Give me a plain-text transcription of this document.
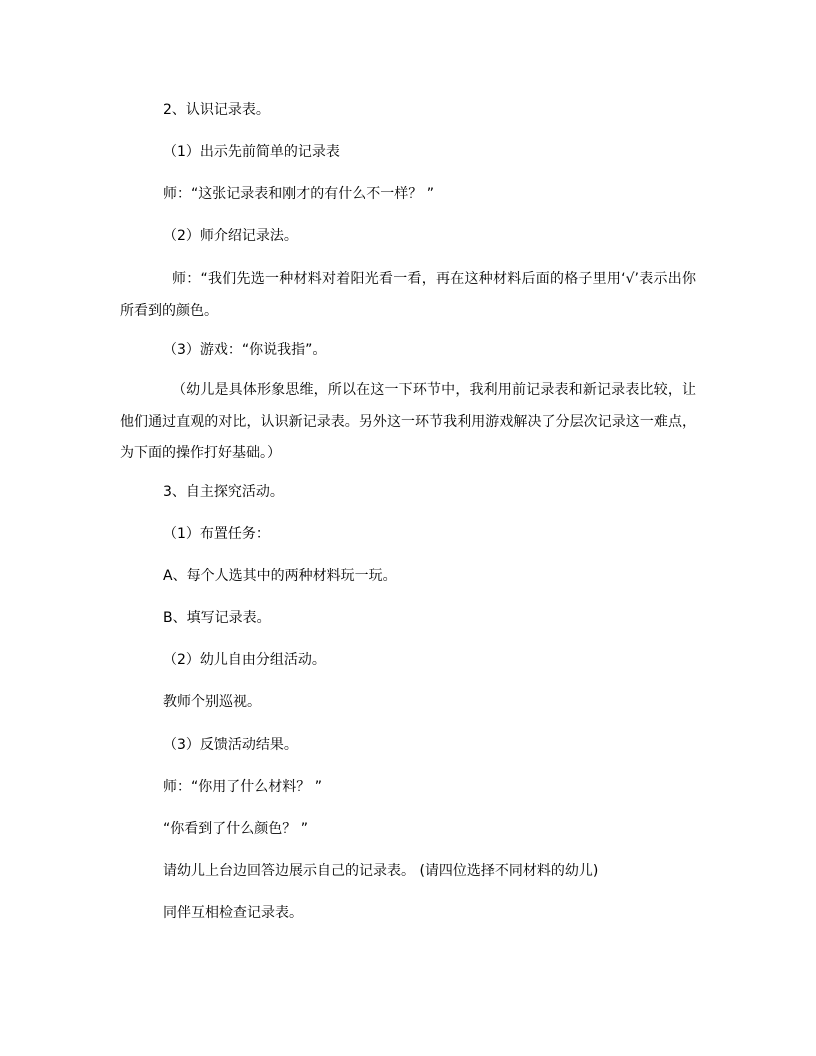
2、认识记录表。
（1）出示先前简单的记录表
师：“这张记录表和刚才的有什么不一样？ ”
（2）师介绍记录法。
师：“我们先选一种材料对着阳光看一看，再在这种材料后面的格子里用‘√’表示出你所看到的颜色。
（3）游戏：“你说我指”。
（幼儿是具体形象思维，所以在这一下环节中，我利用前记录表和新记录表比较，让他们通过直观的对比，认识新记录表。另外这一环节我利用游戏解决了分层次记录这一难点，为下面的操作打好基础。）
3、自主探究活动。
（1）布置任务：
A、每个人选其中的两种材料玩一玩。
B、填写记录表。
（2）幼儿自由分组活动。
教师个别巡视。
（3）反馈活动结果。
师：“你用了什么材料？ ”
“你看到了什么颜色？ ”
请幼儿上台边回答边展示自己的记录表。 (请四位选择不同材料的幼儿)
同伴互相检查记录表。
